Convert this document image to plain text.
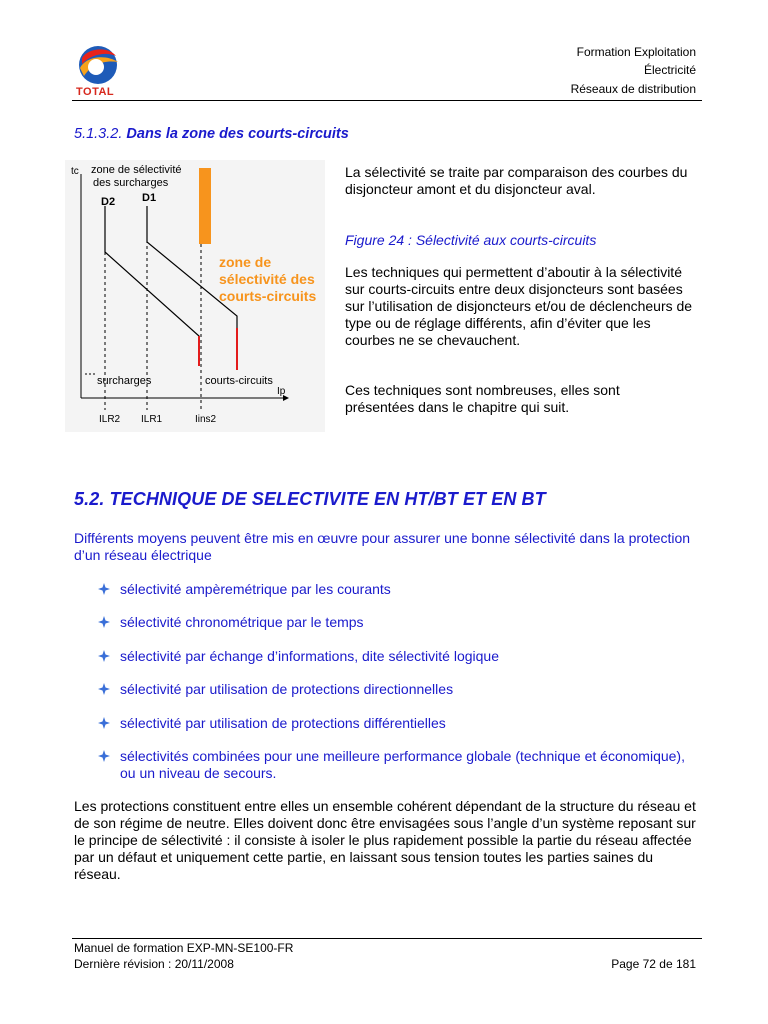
TOTAL
Formation Exploitation
Électricité
Réseaux de distribution
5.1.3.2. Dans la zone des courts-circuits
tc zone de sélectivité
des surcharges
D2 D1
zone de
sélectivité des
courts-circuits
surcharges	courts-circuits
Ip
ILR2 ILR1	Iins2
La sélectivité se traite par comparaison des courbes du disjoncteur amont et du disjoncteur aval.
Figure 24 : Sélectivité aux courts-circuits
Les techniques qui permettent d’aboutir à la sélectivité sur courts-circuits entre deux disjoncteurs sont basées sur l’utilisation de disjoncteurs et/ou de déclencheurs de type ou de réglage différents, afin d’éviter que les courbes ne se chevauchent.
Ces techniques sont nombreuses, elles sont présentées dans le chapitre qui suit.
5.2. TECHNIQUE DE SELECTIVITE EN HT/BT ET EN BT
Différents moyens peuvent être mis en œuvre pour assurer une bonne sélectivité dans la protection d’un réseau électrique
sélectivité ampèremétrique par les courants
sélectivité chronométrique par le temps
sélectivité par échange d’informations, dite sélectivité logique
sélectivité par utilisation de protections directionnelles
sélectivité par utilisation de protections différentielles
sélectivités combinées pour une meilleure performance globale (technique et économique), ou un niveau de secours.
Les protections constituent entre elles un ensemble cohérent dépendant de la structure du réseau et de son régime de neutre. Elles doivent donc être envisagées sous l’angle d’un système reposant sur le principe de sélectivité : il consiste à isoler le plus rapidement possible la partie du réseau affectée par un défaut et uniquement cette partie, en laissant sous tension toutes les parties saines du réseau.
Manuel de formation EXP-MN-SE100-FR
Dernière révision : 20/11/2008	Page 72 de 181
